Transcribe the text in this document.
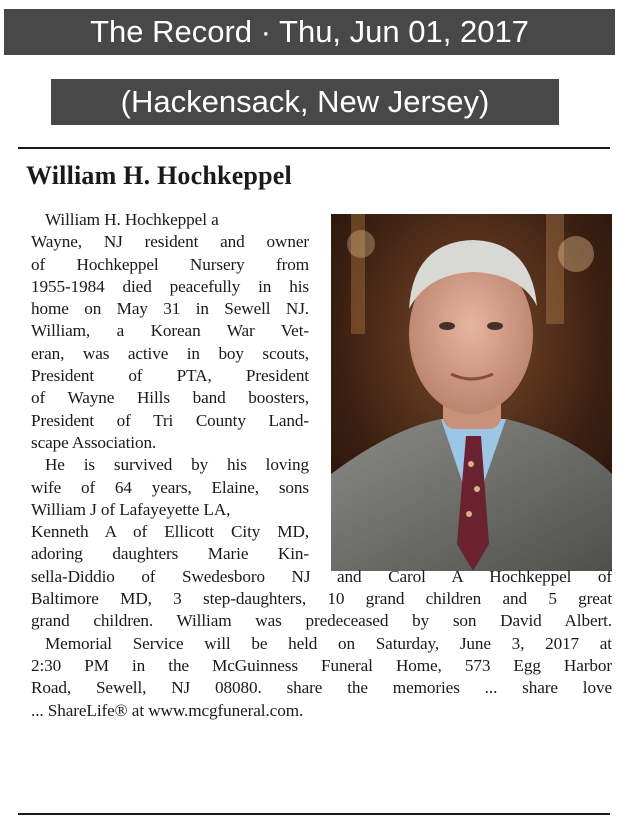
The Record · Thu, Jun 01, 2017
(Hackensack, New Jersey)
William H. Hochkeppel
William H. Hochkeppel a
Wayne, NJ resident and owner
of Hochkeppel Nursery from
1955-1984 died peacefully in his
home on May 31 in Sewell NJ.
William, a Korean War Vet-
eran, was active in boy scouts,
President of PTA, President
of Wayne Hills band boosters,
President of Tri County Land-
scape Association.
He is survived by his loving
wife of 64 years, Elaine, sons
William J of Lafayeyette LA,
Kenneth A of Ellicott City MD,
adoring daughters Marie Kin-
sella-Diddio of Swedesboro NJ and Carol A Hochkeppel of
Baltimore MD, 3 step-daughters, 10 grand children and 5 great
grand children. William was predeceased by son David Albert.
Memorial Service will be held on Saturday, June 3, 2017 at
2:30 PM in the McGuinness Funeral Home, 573 Egg Harbor
Road, Sewell, NJ 08080. share the memories ... share love
... ShareLife® at www.mcgfuneral.com.
